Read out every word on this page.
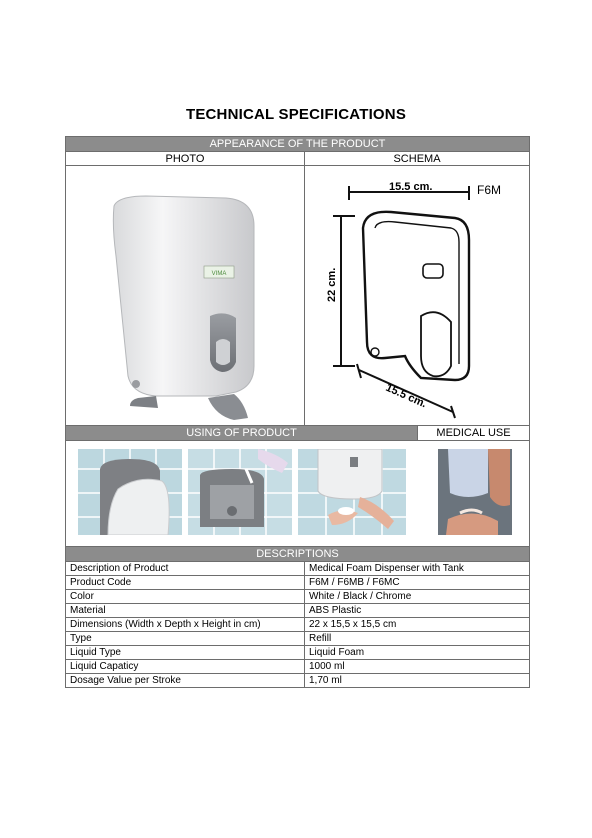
TECHNICAL SPECIFICATIONS
APPEARANCE OF THE PRODUCT
PHOTO	SCHEMA
VIMA
F6M
15.5 cm.
22 cm.
15.5 cm.
USING OF PRODUCT	MEDICAL USE
DESCRIPTIONS
Description of Product	Medical Foam Dispenser with Tank
Product Code	F6M / F6MB / F6MC
Color	White / Black / Chrome
Material	ABS Plastic
Dimensions (Width x Depth x Height in cm)	22 x 15,5 x 15,5 cm
Type	Refill
Liquid Type	Liquid Foam
Liquid Capaticy	1000 ml
Dosage Value per Stroke	1,70 ml
